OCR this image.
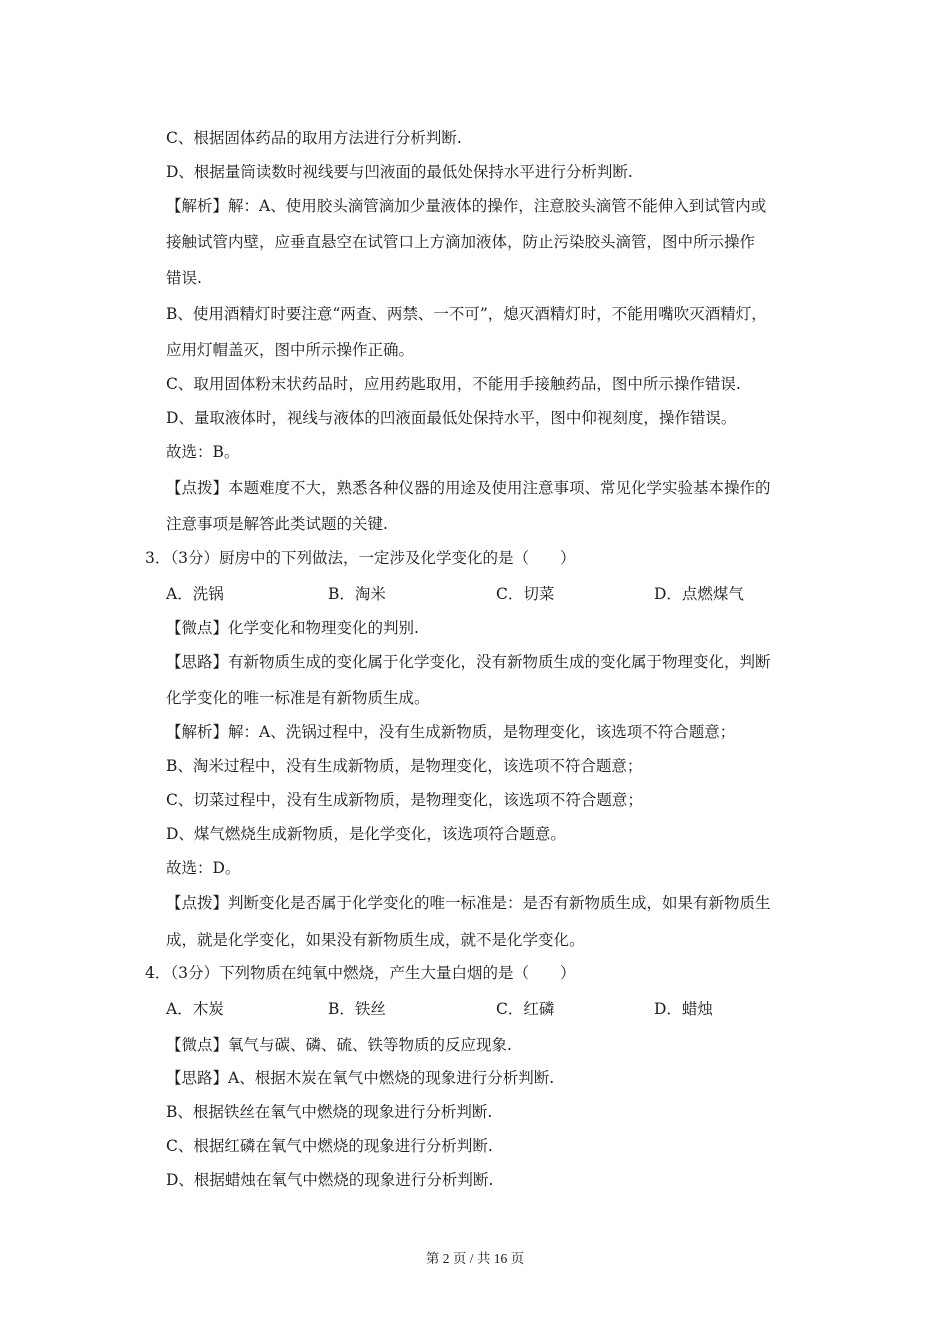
C、根据固体药品的取用方法进行分析判断.
D、根据量筒读数时视线要与凹液面的最低处保持水平进行分析判断.
【解析】解：A、使用胶头滴管滴加少量液体的操作，注意胶头滴管不能伸入到试管内或
接触试管内壁，应垂直悬空在试管口上方滴加液体，防止污染胶头滴管，图中所示操作
错误.
B、使用酒精灯时要注意“两查、两禁、一不可”，熄灭酒精灯时，不能用嘴吹灭酒精灯，
应用灯帽盖灭，图中所示操作正确。
C、取用固体粉末状药品时，应用药匙取用，不能用手接触药品，图中所示操作错误.
D、量取液体时，视线与液体的凹液面最低处保持水平，图中仰视刻度，操作错误。
故选：B。
【点拨】本题难度不大，熟悉各种仪器的用途及使用注意事项、常见化学实验基本操作的
注意事项是解答此类试题的关键.
3．（3分）厨房中的下列做法，一定涉及化学变化的是（　　）
A．洗锅	B．淘米	C．切菜	D．点燃煤气
【微点】化学变化和物理变化的判别.
【思路】有新物质生成的变化属于化学变化，没有新物质生成的变化属于物理变化，判断
化学变化的唯一标准是有新物质生成。
【解析】解：A、洗锅过程中，没有生成新物质，是物理变化，该选项不符合题意；
B、淘米过程中，没有生成新物质，是物理变化，该选项不符合题意；
C、切菜过程中，没有生成新物质，是物理变化，该选项不符合题意；
D、煤气燃烧生成新物质，是化学变化，该选项符合题意。
故选：D。
【点拨】判断变化是否属于化学变化的唯一标准是：是否有新物质生成，如果有新物质生
成，就是化学变化，如果没有新物质生成，就不是化学变化。
4．（3分）下列物质在纯氧中燃烧，产生大量白烟的是（　　）
A．木炭	B．铁丝	C．红磷	D．蜡烛
【微点】氧气与碳、磷、硫、铁等物质的反应现象.
【思路】A、根据木炭在氧气中燃烧的现象进行分析判断.
B、根据铁丝在氧气中燃烧的现象进行分析判断.
C、根据红磷在氧气中燃烧的现象进行分析判断.
D、根据蜡烛在氧气中燃烧的现象进行分析判断.
第 2 页 / 共 16 页
